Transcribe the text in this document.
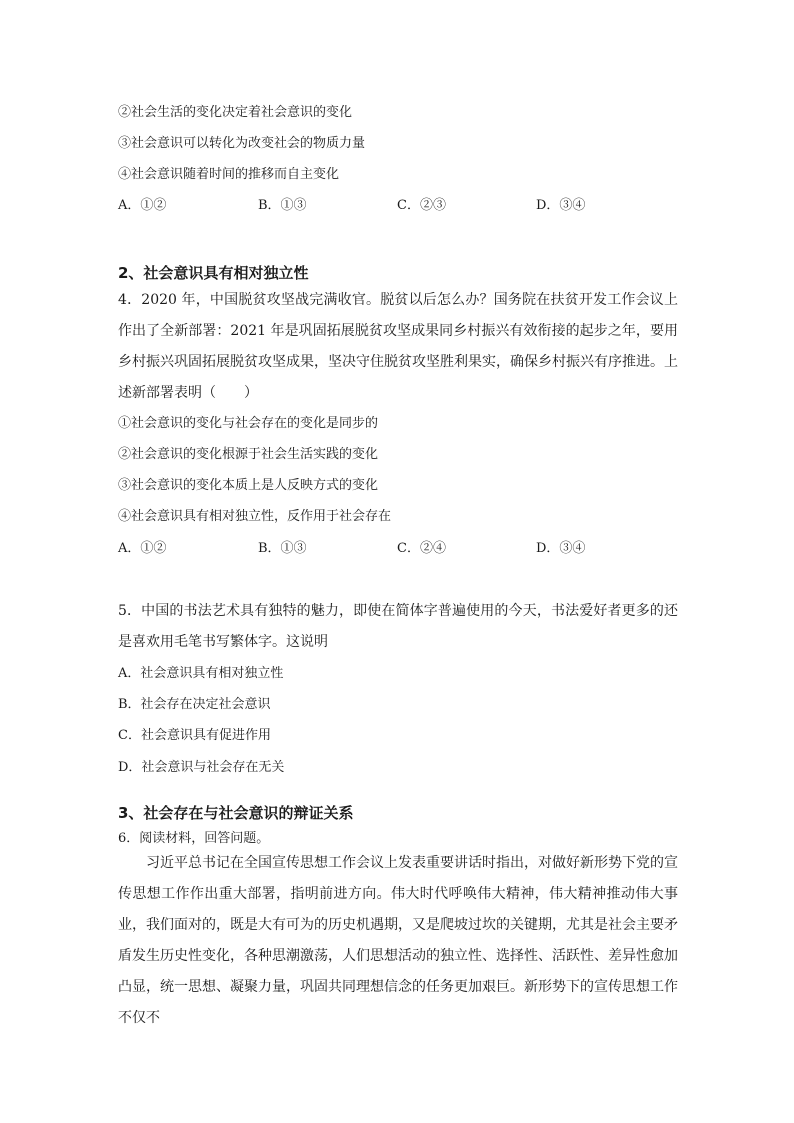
②社会生活的变化决定着社会意识的变化
③社会意识可以转化为改变社会的物质力量
④社会意识随着时间的推移而自主变化
A．①②	B．①③	C．②③	D．③④
2、社会意识具有相对独立性
4．2020 年，中国脱贫攻坚战完满收官。脱贫以后怎么办？国务院在扶贫开发工作会议上作出了全新部署：2021 年是巩固拓展脱贫攻坚成果同乡村振兴有效衔接的起步之年，要用乡村振兴巩固拓展脱贫攻坚成果，坚决守住脱贫攻坚胜利果实，确保乡村振兴有序推进。上述新部署表明（　　）
①社会意识的变化与社会存在的变化是同步的
②社会意识的变化根源于社会生活实践的变化
③社会意识的变化本质上是人反映方式的变化
④社会意识具有相对独立性，反作用于社会存在
A．①②	B．①③	C．②④	D．③④
5．中国的书法艺术具有独特的魅力，即使在简体字普遍使用的今天，书法爱好者更多的还是喜欢用毛笔书写繁体字。这说明
A．社会意识具有相对独立性
B．社会存在决定社会意识
C．社会意识具有促进作用
D．社会意识与社会存在无关
3、社会存在与社会意识的辩证关系
6．阅读材料，回答问题。
习近平总书记在全国宣传思想工作会议上发表重要讲话时指出，对做好新形势下党的宣传思想工作作出重大部署，指明前进方向。伟大时代呼唤伟大精神，伟大精神推动伟大事业，我们面对的，既是大有可为的历史机遇期，又是爬坡过坎的关键期，尤其是社会主要矛盾发生历史性变化，各种思潮激荡，人们思想活动的独立性、选择性、活跃性、差异性愈加凸显，统一思想、凝聚力量，巩固共同理想信念的任务更加艰巨。新形势下的宣传思想工作不仅不
